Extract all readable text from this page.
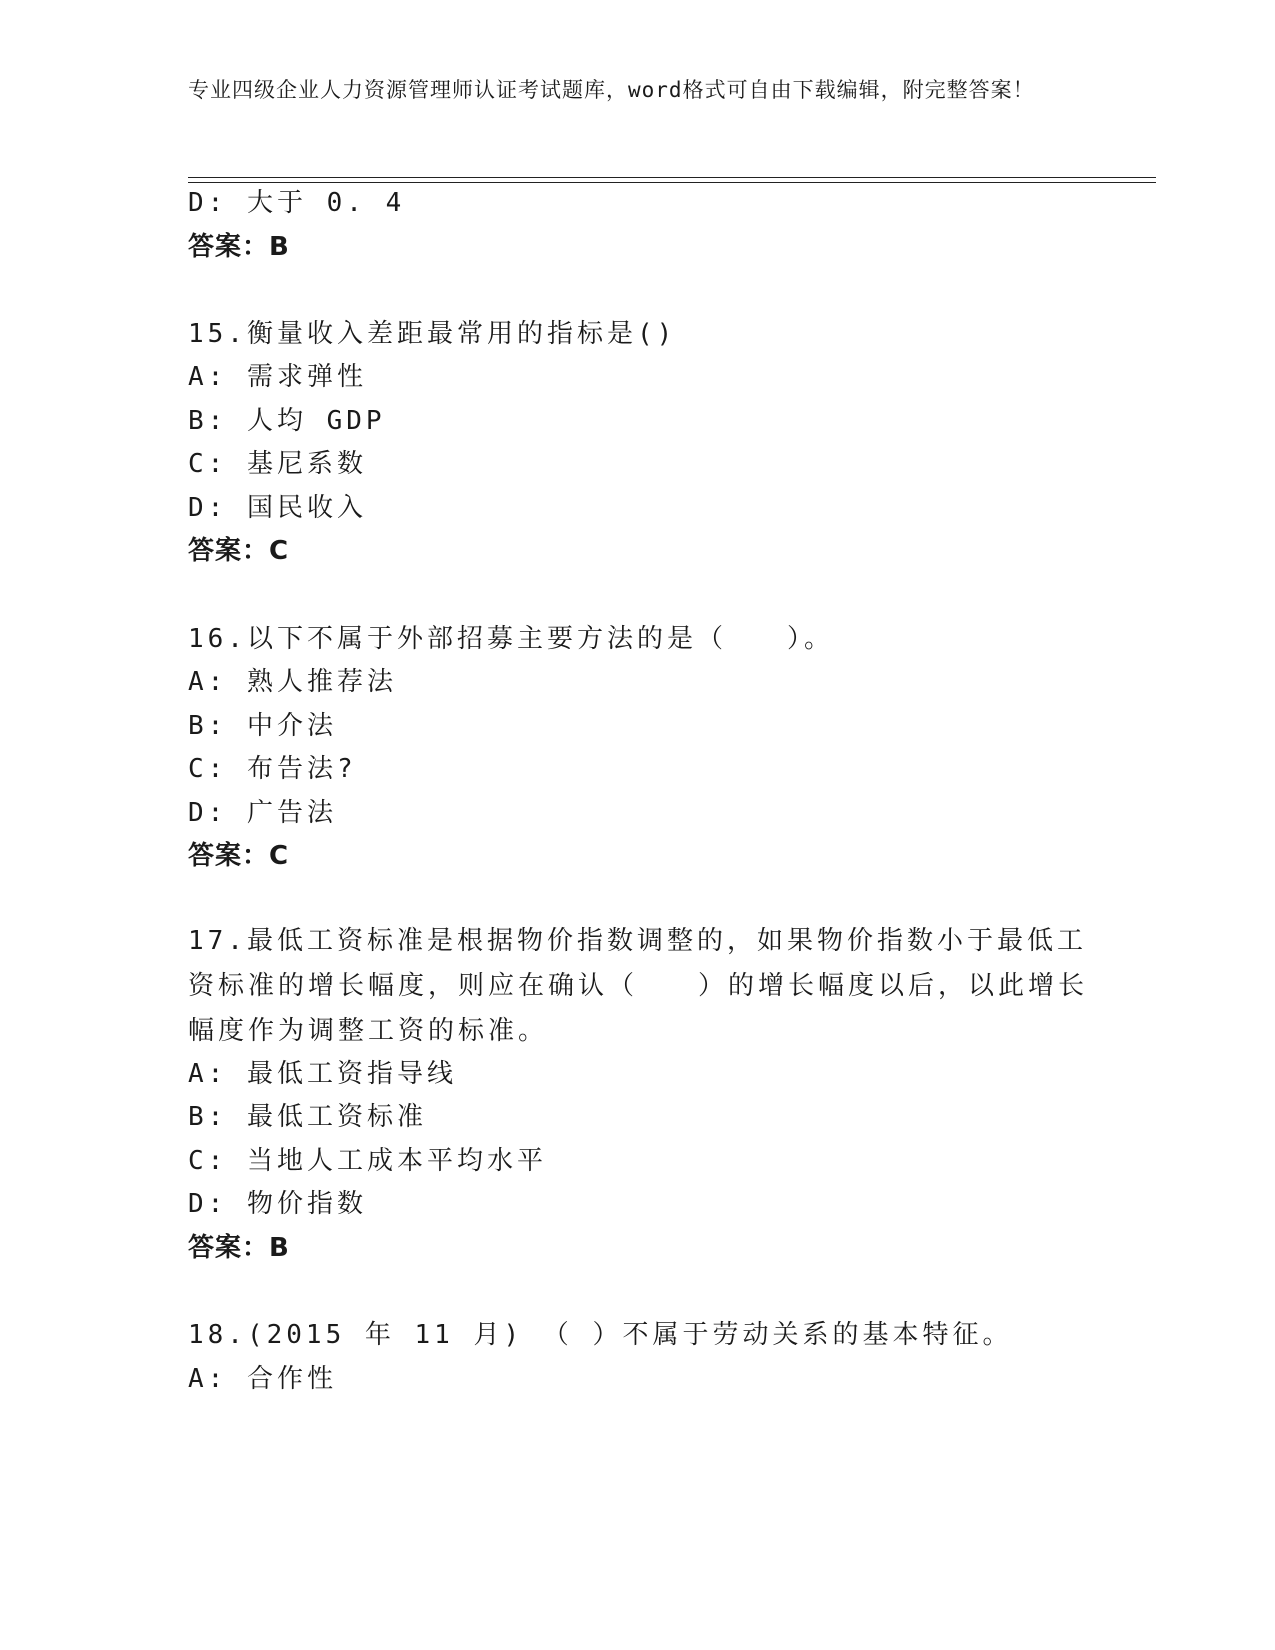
专业四级企业人力资源管理师认证考试题库，word格式可自由下载编辑，附完整答案！
D: 大于 0. 4
答案：B
15.衡量收入差距最常用的指标是()
A: 需求弹性
B: 人均 GDP
C: 基尼系数
D: 国民收入
答案：C
16.以下不属于外部招募主要方法的是（　　）。
A: 熟人推荐法
B: 中介法
C: 布告法?
D: 广告法
答案：C
17.最低工资标准是根据物价指数调整的，如果物价指数小于最低工资标准的增长幅度，则应在确认（　　）的增长幅度以后，以此增长幅度作为调整工资的标准。
A: 最低工资指导线
B: 最低工资标准
C: 当地人工成本平均水平
D: 物价指数
答案：B
18.(2015 年 11 月) （ ）不属于劳动关系的基本特征。
A: 合作性
